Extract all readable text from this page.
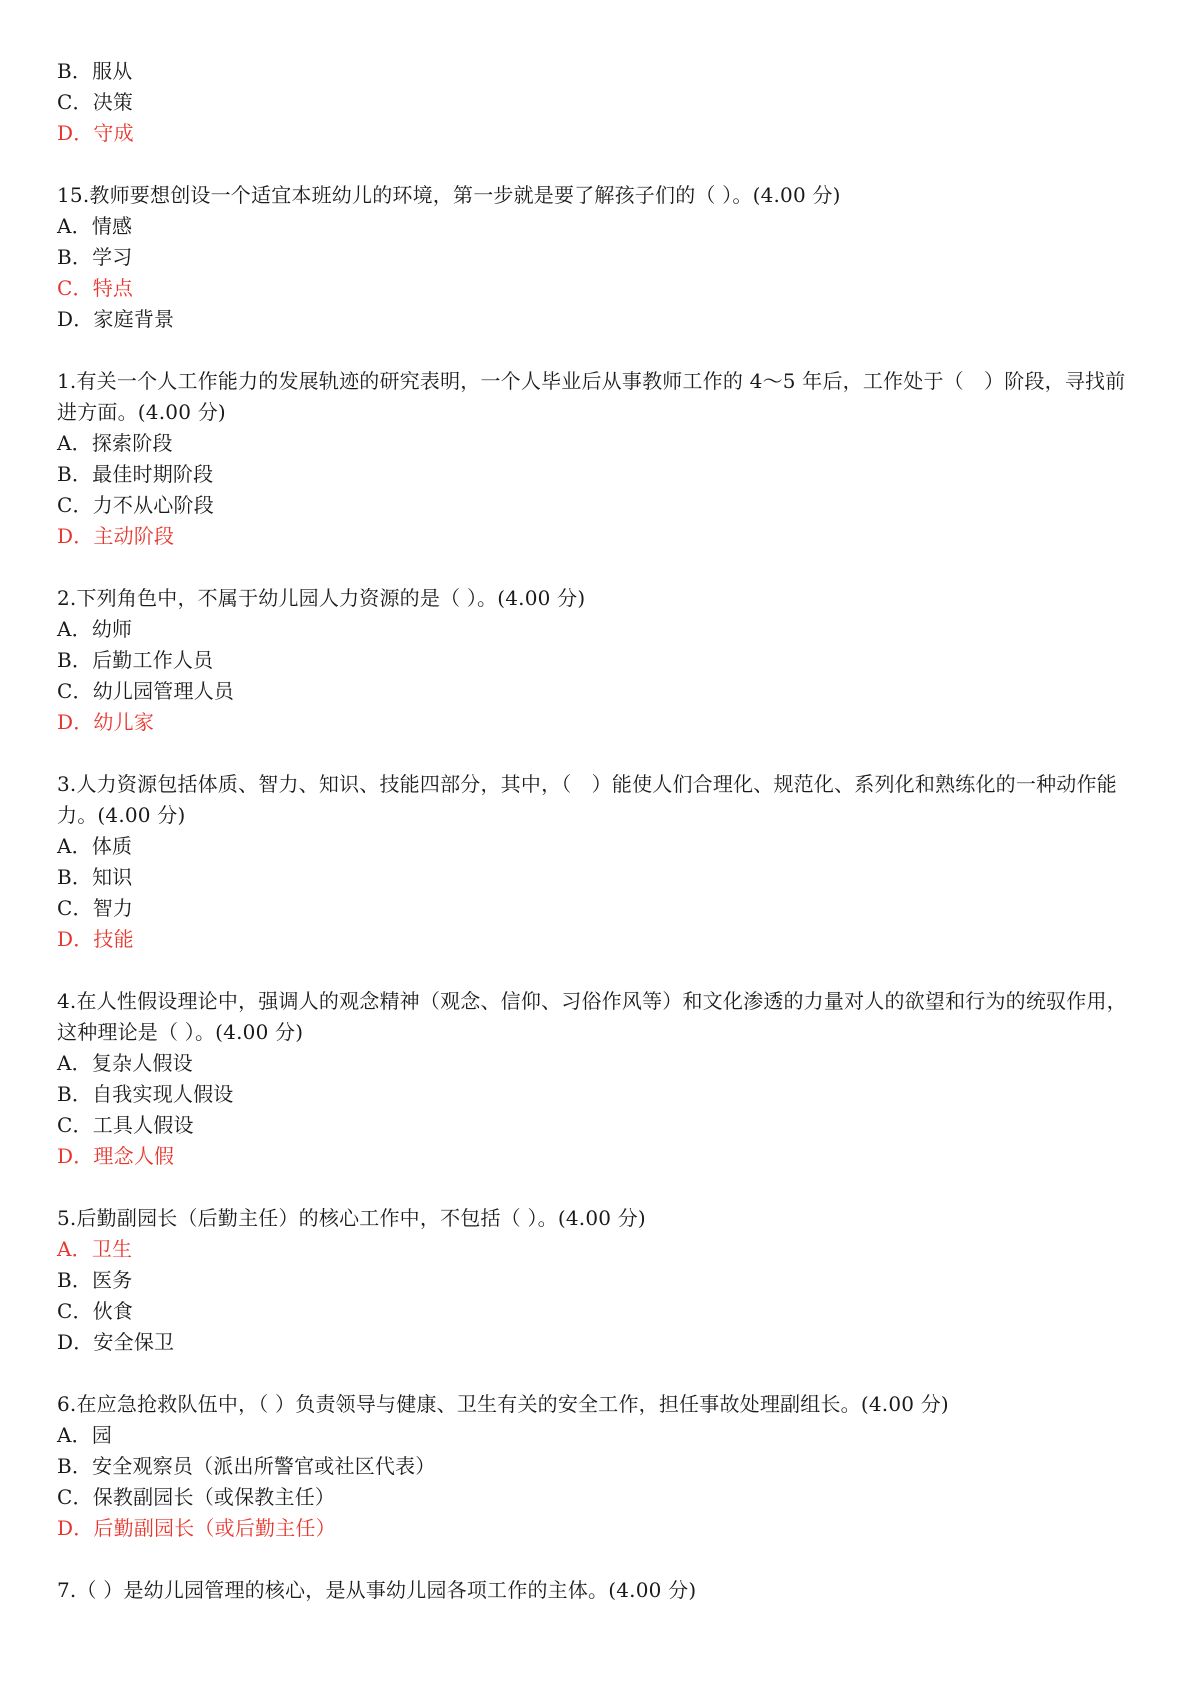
B．服从
C．决策
D．守成
15.教师要想创设一个适宜本班幼儿的环境，第一步就是要了解孩子们的（ ）。(4.00 分)
A．情感
B．学习
C．特点
D．家庭背景
1.有关一个人工作能力的发展轨迹的研究表明，一个人毕业后从事教师工作的 4～5 年后，工作处于（　）阶段，寻找前进方面。(4.00 分)
A．探索阶段
B．最佳时期阶段
C．力不从心阶段
D．主动阶段
2.下列角色中，不属于幼儿园人力资源的是（ ）。(4.00 分)
A．幼师
B．后勤工作人员
C．幼儿园管理人员
D．幼儿家
3.人力资源包括体质、智力、知识、技能四部分，其中，（　）能使人们合理化、规范化、系列化和熟练化的一种动作能力。(4.00 分)
A．体质
B．知识
C．智力
D．技能
4.在人性假设理论中，强调人的观念精神（观念、信仰、习俗作风等）和文化渗透的力量对人的欲望和行为的统驭作用，这种理论是（ ）。(4.00 分)
A．复杂人假设
B．自我实现人假设
C．工具人假设
D．理念人假
5.后勤副园长（后勤主任）的核心工作中，不包括（ ）。(4.00 分)
A．卫生
B．医务
C．伙食
D．安全保卫
6.在应急抢救队伍中，（ ）负责领导与健康、卫生有关的安全工作，担任事故处理副组长。(4.00 分)
A．园
B．安全观察员（派出所警官或社区代表）
C．保教副园长（或保教主任）
D．后勤副园长（或后勤主任）
7.（ ）是幼儿园管理的核心，是从事幼儿园各项工作的主体。(4.00 分)
